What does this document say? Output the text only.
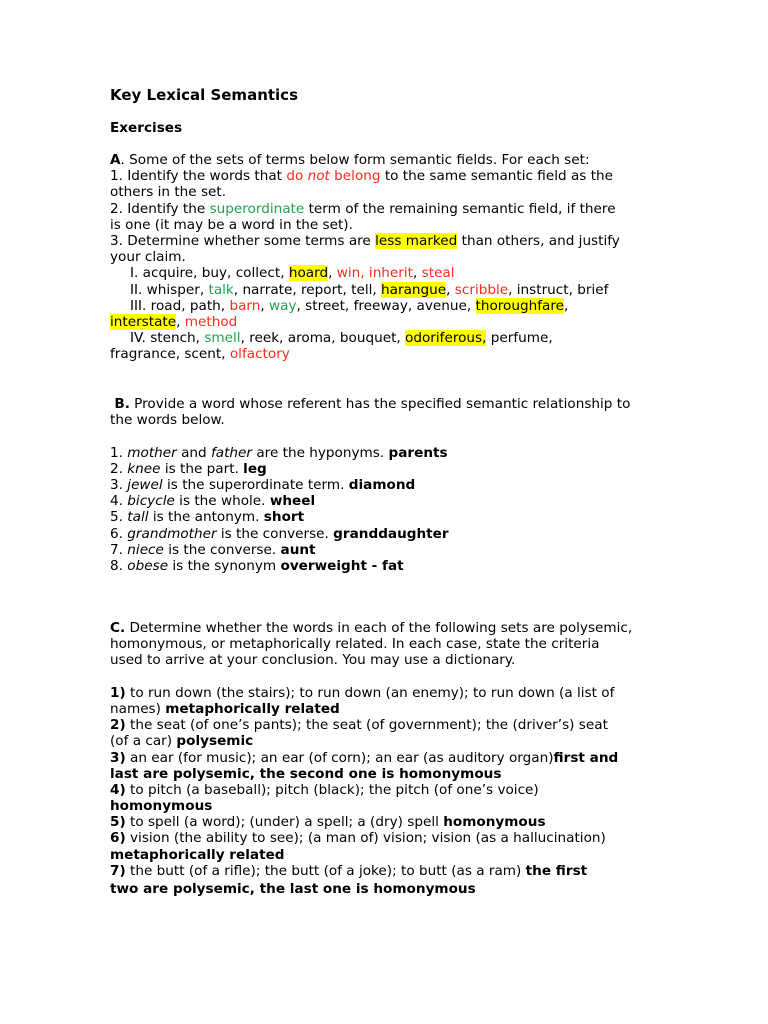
Key Lexical Semantics
Exercises
A. Some of the sets of terms below form semantic fields. For each set:
1. Identify the words that do not belong to the same semantic field as the
others in the set.
2. Identify the superordinate term of the remaining semantic field, if there
is one (it may be a word in the set).
3. Determine whether some terms are less marked than others, and justify
your claim.
I. acquire, buy, collect, hoard, win, inherit, steal
II. whisper, talk, narrate, report, tell, harangue, scribble, instruct, brief
III. road, path, barn, way, street, freeway, avenue, thoroughfare,
interstate, method
IV. stench, smell, reek, aroma, bouquet, odoriferous, perfume,
fragrance, scent, olfactory
B. Provide a word whose referent has the specified semantic relationship to
the words below.
1. mother and father are the hyponyms. parents
2. knee is the part. leg
3. jewel is the superordinate term. diamond
4. bicycle is the whole. wheel
5. tall is the antonym. short
6. grandmother is the converse. granddaughter
7. niece is the converse. aunt
8. obese is the synonym overweight - fat
C. Determine whether the words in each of the following sets are polysemic,
homonymous, or metaphorically related. In each case, state the criteria
used to arrive at your conclusion. You may use a dictionary.
1) to run down (the stairs); to run down (an enemy); to run down (a list of
names) metaphorically related
2) the seat (of one’s pants); the seat (of government); the (driver’s) seat
(of a car) polysemic
3) an ear (for music); an ear (of corn); an ear (as auditory organ)first and
last are polysemic, the second one is homonymous
4) to pitch (a baseball); pitch (black); the pitch (of one’s voice)
homonymous
5) to spell (a word); (under) a spell; a (dry) spell homonymous
6) vision (the ability to see); (a man of) vision; vision (as a hallucination)
metaphorically related
7) the butt (of a rifle); the butt (of a joke); to butt (as a ram) the first
two are polysemic, the last one is homonymous
